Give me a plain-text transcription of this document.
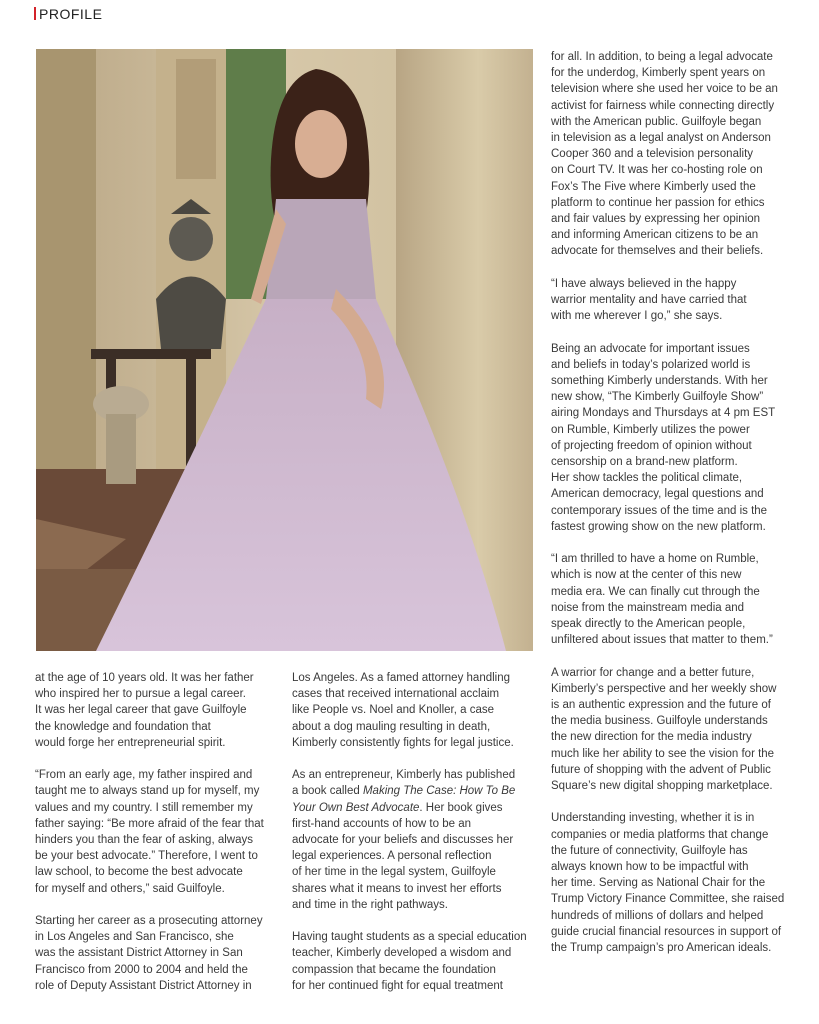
PROFILE

at the age of 10 years old. It was her father
who inspired her to pursue a legal career.
It was her legal career that gave Guilfoyle
the knowledge and foundation that
would forge her entrepreneurial spirit.

“From an early age, my father inspired and
taught me to always stand up for myself, my
values and my country. I still remember my
father saying: “Be more afraid of the fear that
hinders you than the fear of asking, always
be your best advocate.” Therefore, I went to
law school, to become the best advocate
for myself and others,” said Guilfoyle.

Starting her career as a prosecuting attorney
in Los Angeles and San Francisco, she
was the assistant District Attorney in San
Francisco from 2000 to 2004 and held the
role of Deputy Assistant District Attorney in

Los Angeles. As a famed attorney handling
cases that received international acclaim
like People vs. Noel and Knoller, a case
about a dog mauling resulting in death,
Kimberly consistently fights for legal justice.

As an entrepreneur, Kimberly has published
a book called Making The Case: How To Be
Your Own Best Advocate. Her book gives
first-hand accounts of how to be an
advocate for your beliefs and discusses her
legal experiences. A personal reflection
of her time in the legal system, Guilfoyle
shares what it means to invest her efforts
and time in the right pathways.

Having taught students as a special education
teacher, Kimberly developed a wisdom and
compassion that became the foundation
for her continued fight for equal treatment

for all. In addition, to being a legal advocate
for the underdog, Kimberly spent years on
television where she used her voice to be an
activist for fairness while connecting directly
with the American public. Guilfoyle began
in television as a legal analyst on Anderson
Cooper 360 and a television personality
on Court TV. It was her co-hosting role on
Fox’s The Five where Kimberly used the
platform to continue her passion for ethics
and fair values by expressing her opinion
and informing American citizens to be an
advocate for themselves and their beliefs.

“I have always believed in the happy
warrior mentality and have carried that
with me wherever I go,” she says.

Being an advocate for important issues
and beliefs in today’s polarized world is
something Kimberly understands. With her
new show, “The Kimberly Guilfoyle Show”
airing Mondays and Thursdays at 4 pm EST
on Rumble, Kimberly utilizes the power
of projecting freedom of opinion without
censorship on a brand-new platform.
Her show tackles the political climate,
American democracy, legal questions and
contemporary issues of the time and is the
fastest growing show on the new platform.

“I am thrilled to have a home on Rumble,
which is now at the center of this new
media era. We can finally cut through the
noise from the mainstream media and
speak directly to the American people,
unfiltered about issues that matter to them.”

A warrior for change and a better future,
Kimberly’s perspective and her weekly show
is an authentic expression and the future of
the media business. Guilfoyle understands
the new direction for the media industry
much like her ability to see the vision for the
future of shopping with the advent of Public
Square’s new digital shopping marketplace.

Understanding investing, whether it is in
companies or media platforms that change
the future of connectivity, Guilfoyle has
always known how to be impactful with
her time. Serving as National Chair for the
Trump Victory Finance Committee, she raised
hundreds of millions of dollars and helped
guide crucial financial resources in support of
the Trump campaign’s pro American ideals.
